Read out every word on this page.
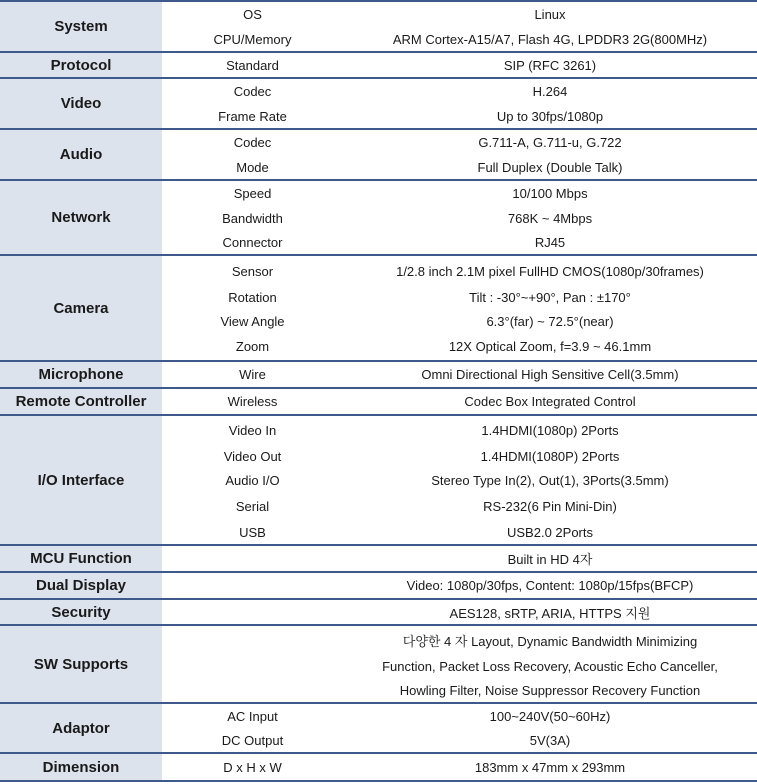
System	OS	Linux
	CPU/Memory	ARM Cortex-A15/A7, Flash 4G, LPDDR3 2G(800MHz)
Protocol	Standard	SIP (RFC 3261)
Video	Codec	H.264
	Frame Rate	Up to 30fps/1080p
Audio	Codec	G.711-A, G.711-u, G.722
	Mode	Full Duplex (Double Talk)
Network	Speed	10/100 Mbps
	Bandwidth	768K ~ 4Mbps
	Connector	RJ45
Camera	Sensor	1/2.8 inch 2.1M pixel FullHD CMOS(1080p/30frames)
	Rotation	Tilt : -30°~+90°, Pan : ±170°
	View Angle	6.3°(far) ~ 72.5°(near)
	Zoom	12X Optical Zoom, f=3.9 ~ 46.1mm
Microphone	Wire	Omni Directional High Sensitive Cell(3.5mm)
Remote Controller	Wireless	Codec Box Integrated Control
I/O Interface	Video In	1.4HDMI(1080p) 2Ports
	Video Out	1.4HDMI(1080P) 2Ports
	Audio I/O	Stereo Type In(2), Out(1), 3Ports(3.5mm)
	Serial	RS-232(6 Pin Mini-Din)
	USB	USB2.0 2Ports
MCU Function		Built in HD 4자
Dual Display		Video: 1080p/30fps, Content: 1080p/15fps(BFCP)
Security		AES128, sRTP, ARIA, HTTPS 지원
SW Supports		다양한 4 자 Layout, Dynamic Bandwidth Minimizing
		Function, Packet Loss Recovery, Acoustic Echo Canceller,
		Howling Filter, Noise Suppressor Recovery Function
Adaptor	AC Input	100~240V(50~60Hz)
	DC Output	5V(3A)
Dimension	D x H x W	183mm x 47mm x 293mm
